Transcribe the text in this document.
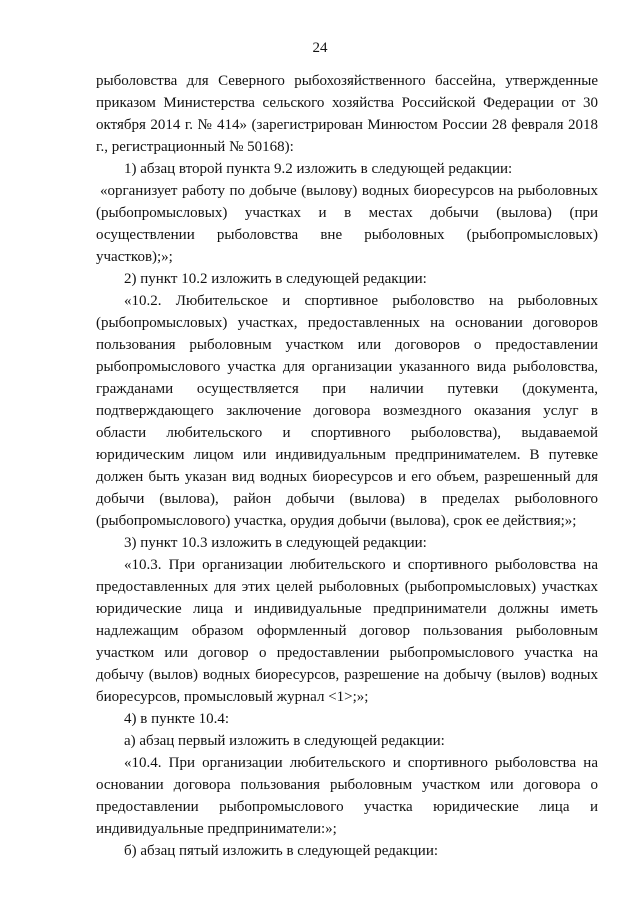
24

рыболовства для Северного рыбохозяйственного бассейна, утвержденные приказом Министерства сельского хозяйства Российской Федерации от 30 октября 2014 г. № 414» (зарегистрирован Минюстом России 28 февраля 2018 г., регистрационный № 50168):

1) абзац второй пункта 9.2 изложить в следующей редакции:

«организует работу по добыче (вылову) водных биоресурсов на рыболовных (рыбопромысловых) участках и в местах добычи (вылова) (при осуществлении рыболовства вне рыболовных (рыбопромысловых) участков);»;

2) пункт 10.2 изложить в следующей редакции:

«10.2. Любительское и спортивное рыболовство на рыболовных (рыбопромысловых) участках, предоставленных на основании договоров пользования рыболовным участком или договоров о предоставлении рыбопромыслового участка для организации указанного вида рыболовства, гражданами осуществляется при наличии путевки (документа, подтверждающего заключение договора возмездного оказания услуг в области любительского и спортивного рыболовства), выдаваемой юридическим лицом или индивидуальным предпринимателем. В путевке должен быть указан вид водных биоресурсов и его объем, разрешенный для добычи (вылова), район добычи (вылова) в пределах рыболовного (рыбопромыслового) участка, орудия добычи (вылова), срок ее действия;»;

3) пункт 10.3 изложить в следующей редакции:

«10.3. При организации любительского и спортивного рыболовства на предоставленных для этих целей рыболовных (рыбопромысловых) участках юридические лица и индивидуальные предприниматели должны иметь надлежащим образом оформленный договор пользования рыболовным участком или договор о предоставлении рыбопромыслового участка на добычу (вылов) водных биоресурсов, разрешение на добычу (вылов) водных биоресурсов, промысловый журнал <1>;»;

4) в пункте 10.4:

а) абзац первый изложить в следующей редакции:

«10.4. При организации любительского и спортивного рыболовства на основании договора пользования рыболовным участком или договора о предоставлении рыбопромыслового участка юридические лица и индивидуальные предприниматели:»;

б) абзац пятый изложить в следующей редакции:
